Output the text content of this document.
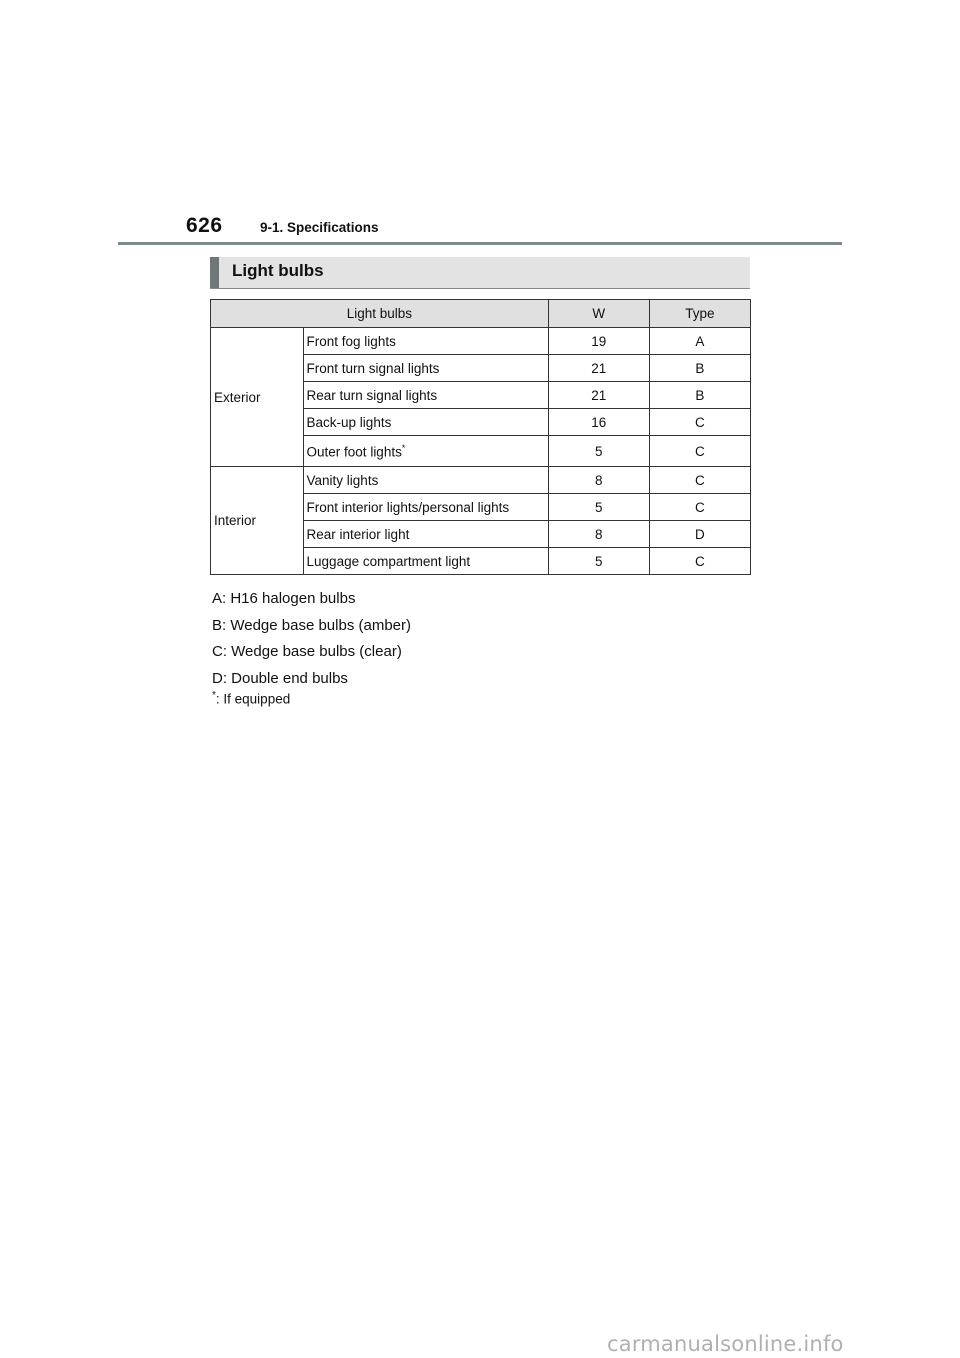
626	9-1. Specifications
Light bulbs
Light bulbs		W	Type
Exterior	Front fog lights	19	A
	Front turn signal lights	21	B
	Rear turn signal lights	21	B
	Back-up lights	16	C
	Outer foot lights*	5	C
Interior	Vanity lights	8	C
	Front interior lights/personal lights	5	C
	Rear interior light	8	D
	Luggage compartment light	5	C

A: H16 halogen bulbs

B: Wedge base bulbs (amber)

C: Wedge base bulbs (clear)

D: Double end bulbs

*: If equipped
carmanualsonline.info
